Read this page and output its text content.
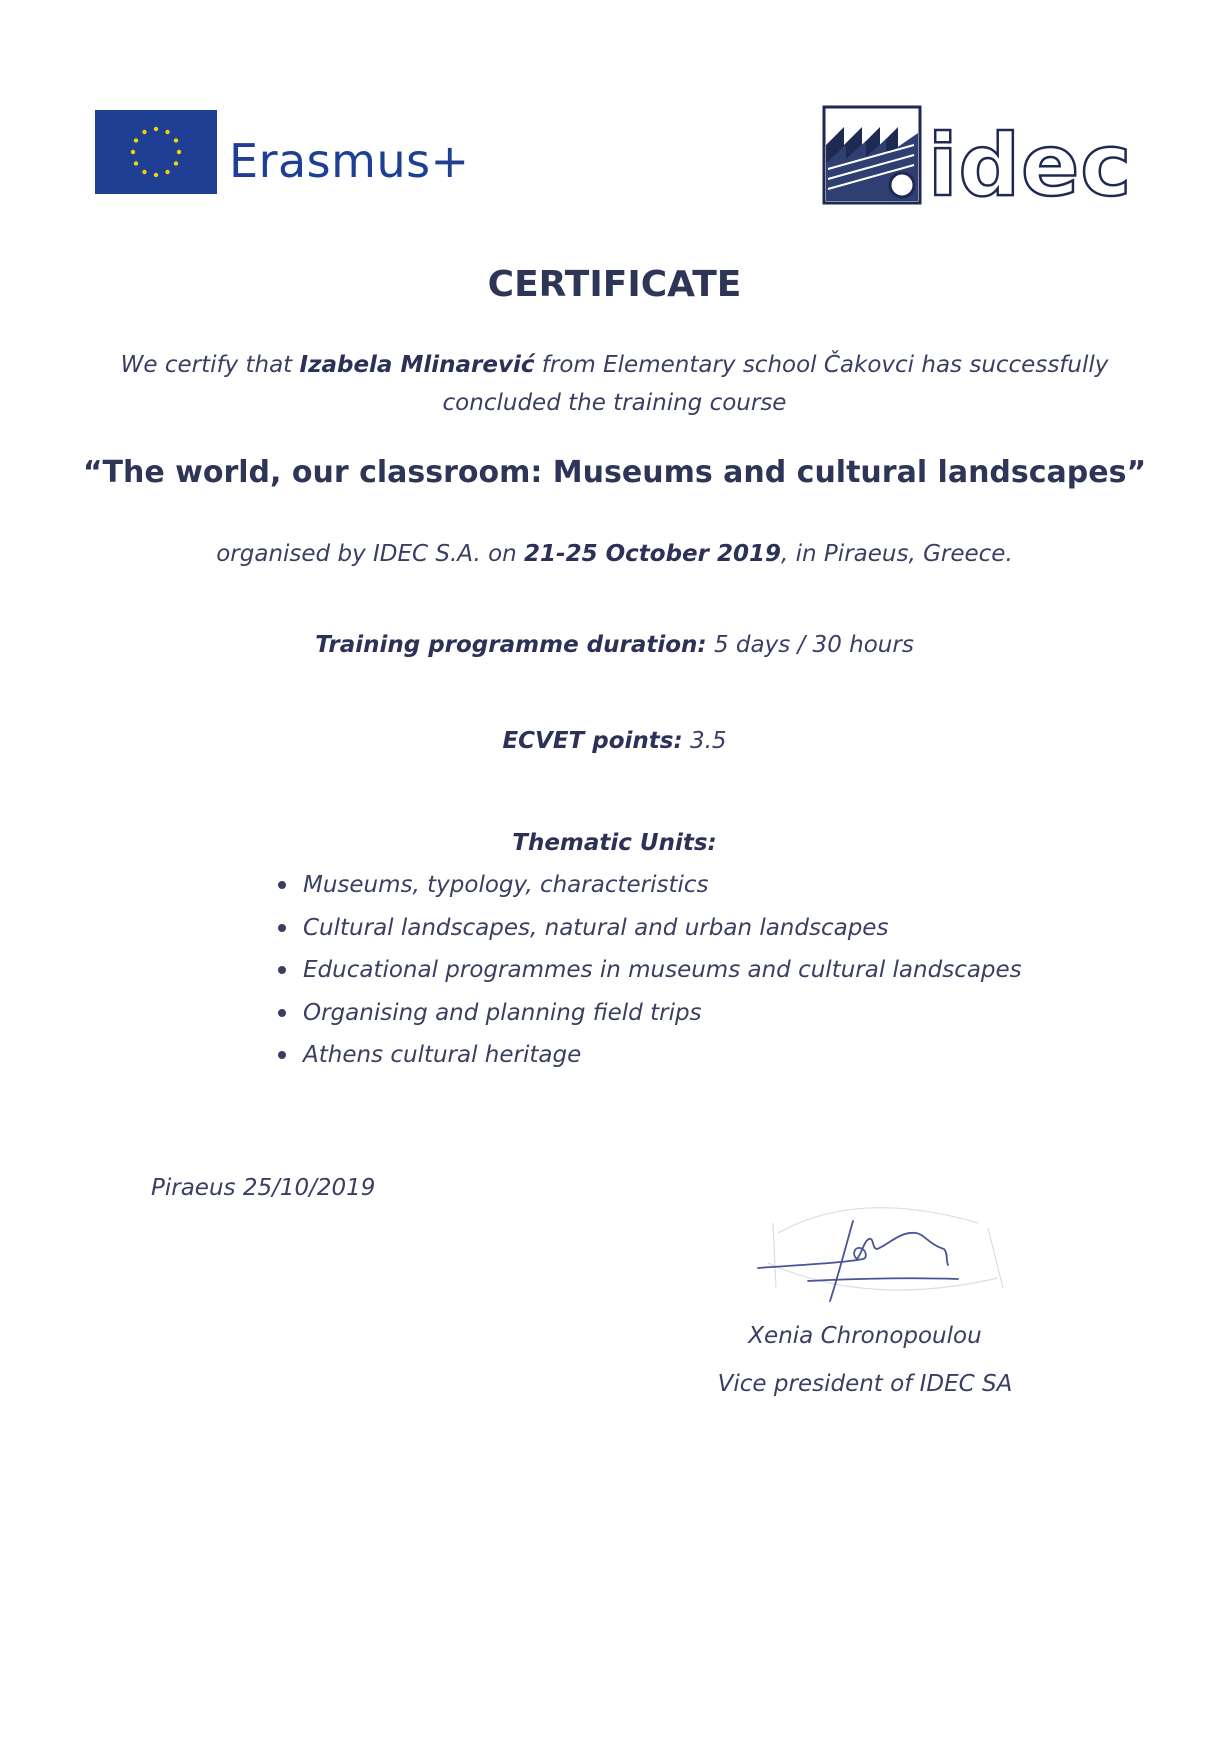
Erasmus+	idec
CERTIFICATE
We certify that Izabela Mlinarević from Elementary school Čakovci has successfully
concluded the training course
“The world, our classroom: Museums and cultural landscapes”
organised by IDEC S.A. on 21-25 October 2019, in Piraeus, Greece.
Training programme duration: 5 days / 30 hours
ECVET points: 3.5
Thematic Units:
Museums, typology, characteristics
Cultural landscapes, natural and urban landscapes
Educational programmes in museums and cultural landscapes
Organising and planning field trips
Athens cultural heritage
Piraeus 25/10/2019
Xenia Chronopoulou
Vice president of IDEC SA
